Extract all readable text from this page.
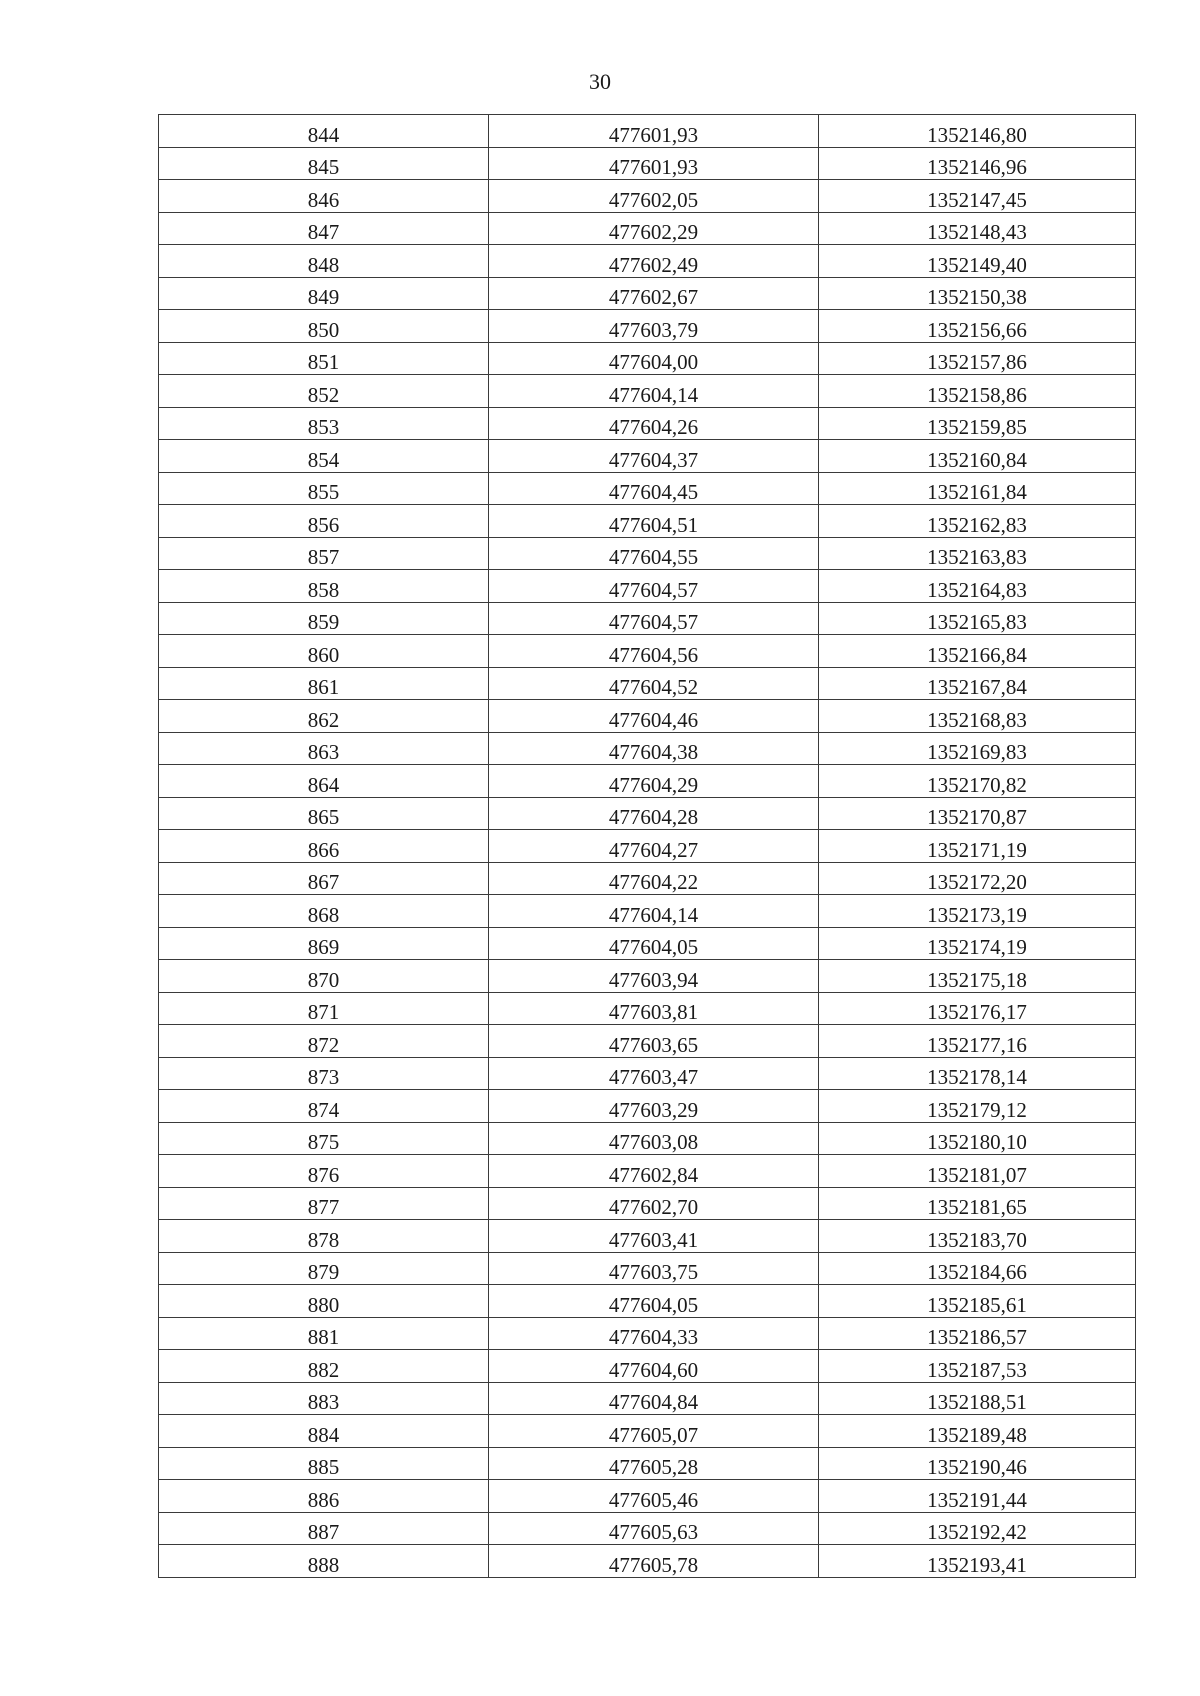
30
844	477601,93	1352146,80
845	477601,93	1352146,96
846	477602,05	1352147,45
847	477602,29	1352148,43
848	477602,49	1352149,40
849	477602,67	1352150,38
850	477603,79	1352156,66
851	477604,00	1352157,86
852	477604,14	1352158,86
853	477604,26	1352159,85
854	477604,37	1352160,84
855	477604,45	1352161,84
856	477604,51	1352162,83
857	477604,55	1352163,83
858	477604,57	1352164,83
859	477604,57	1352165,83
860	477604,56	1352166,84
861	477604,52	1352167,84
862	477604,46	1352168,83
863	477604,38	1352169,83
864	477604,29	1352170,82
865	477604,28	1352170,87
866	477604,27	1352171,19
867	477604,22	1352172,20
868	477604,14	1352173,19
869	477604,05	1352174,19
870	477603,94	1352175,18
871	477603,81	1352176,17
872	477603,65	1352177,16
873	477603,47	1352178,14
874	477603,29	1352179,12
875	477603,08	1352180,10
876	477602,84	1352181,07
877	477602,70	1352181,65
878	477603,41	1352183,70
879	477603,75	1352184,66
880	477604,05	1352185,61
881	477604,33	1352186,57
882	477604,60	1352187,53
883	477604,84	1352188,51
884	477605,07	1352189,48
885	477605,28	1352190,46
886	477605,46	1352191,44
887	477605,63	1352192,42
888	477605,78	1352193,41
